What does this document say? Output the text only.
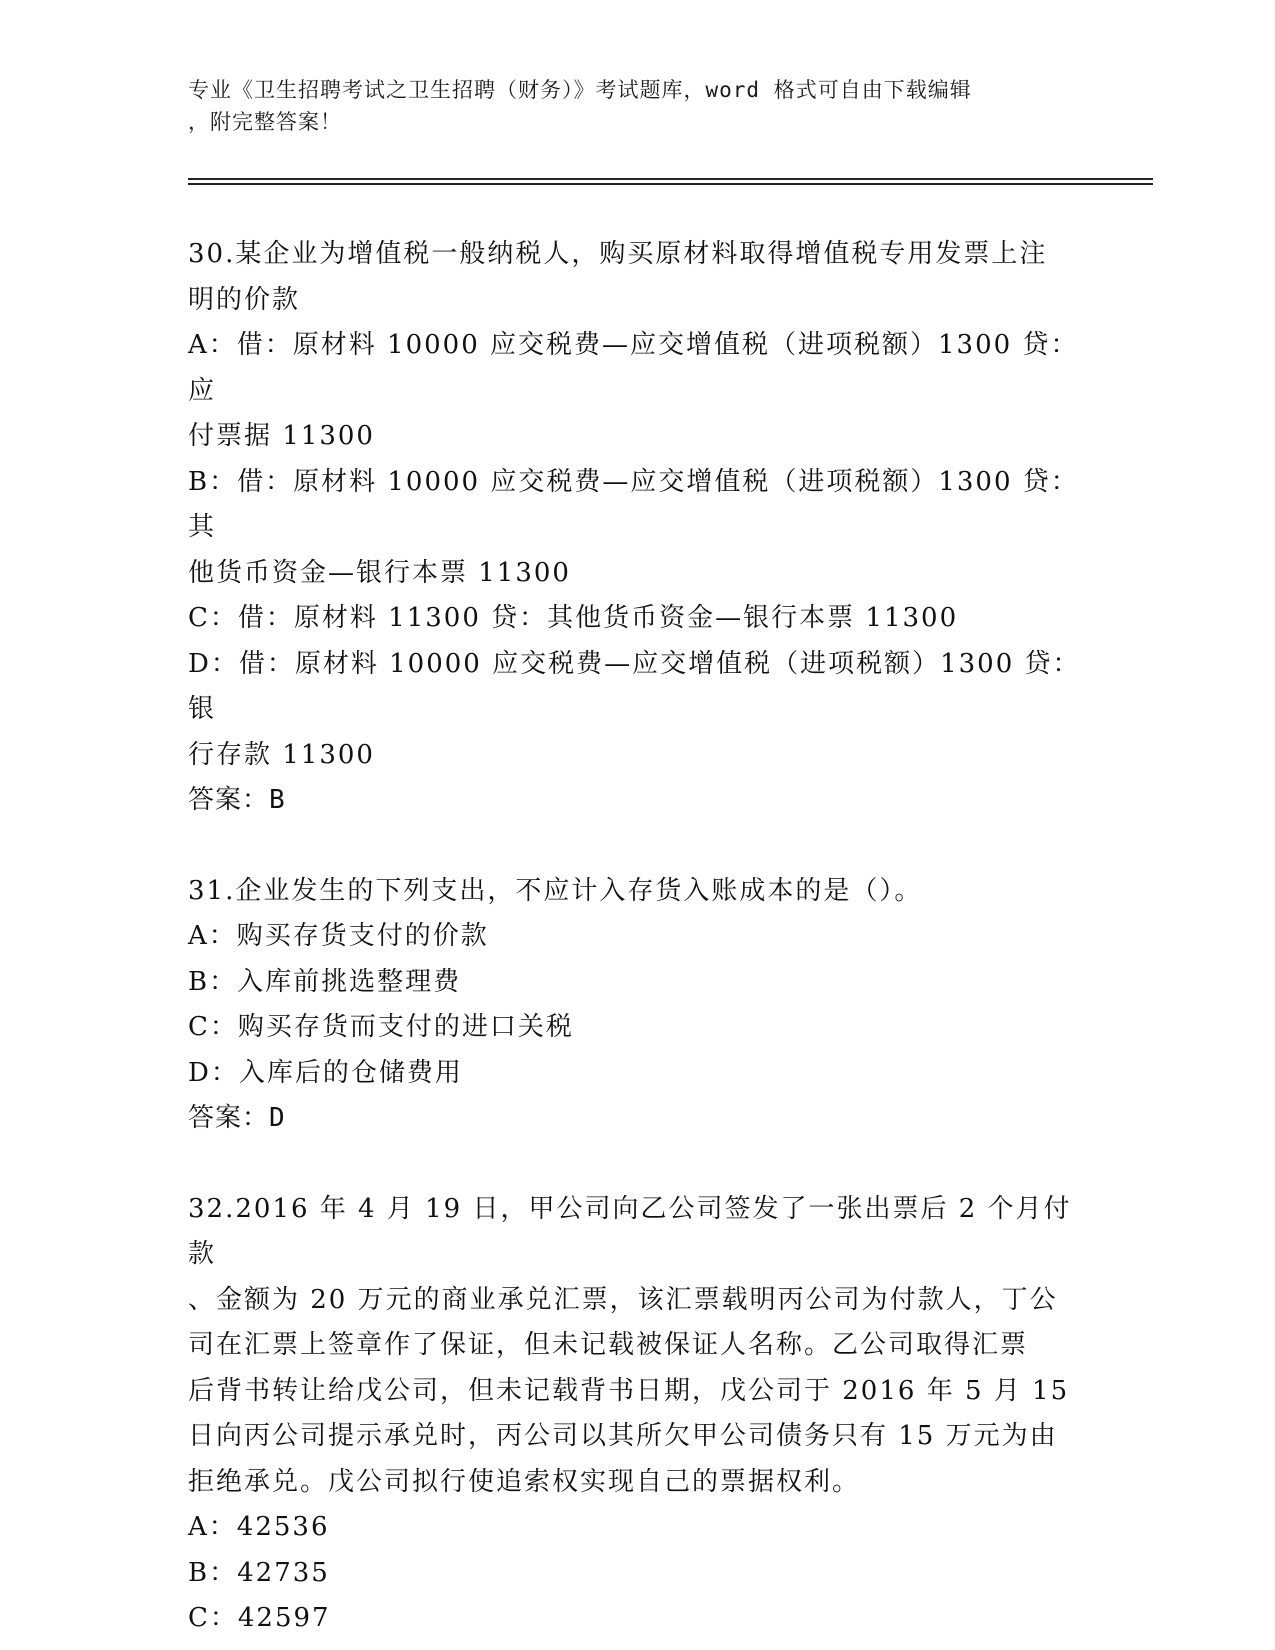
专业《卫生招聘考试之卫生招聘（财务）》考试题库，word 格式可自由下载编辑
，附完整答案！
30.某企业为增值税一般纳税人，购买原材料取得增值税专用发票上注
明的价款
A：借：原材料 10000 应交税费—应交增值税（进项税额）1300 贷：应
付票据 11300
B：借：原材料 10000 应交税费—应交增值税（进项税额）1300 贷：其
他货币资金—银行本票 11300
C：借：原材料 11300 贷：其他货币资金—银行本票 11300
D：借：原材料 10000 应交税费—应交增值税（进项税额）1300 贷：银
行存款 11300
答案：B
31.企业发生的下列支出，不应计入存货入账成本的是（）。
A：购买存货支付的价款
B：入库前挑选整理费
C：购买存货而支付的进口关税
D：入库后的仓储费用
答案：D
32.2016 年 4 月 19 日，甲公司向乙公司签发了一张出票后 2 个月付款
、金额为 20 万元的商业承兑汇票，该汇票载明丙公司为付款人，丁公
司在汇票上签章作了保证，但未记载被保证人名称。乙公司取得汇票
后背书转让给戊公司，但未记载背书日期，戊公司于 2016 年 5 月 15
日向丙公司提示承兑时，丙公司以其所欠甲公司债务只有 15 万元为由
拒绝承兑。戊公司拟行使追索权实现自己的票据权利。
A：42536
B：42735
C：42597
